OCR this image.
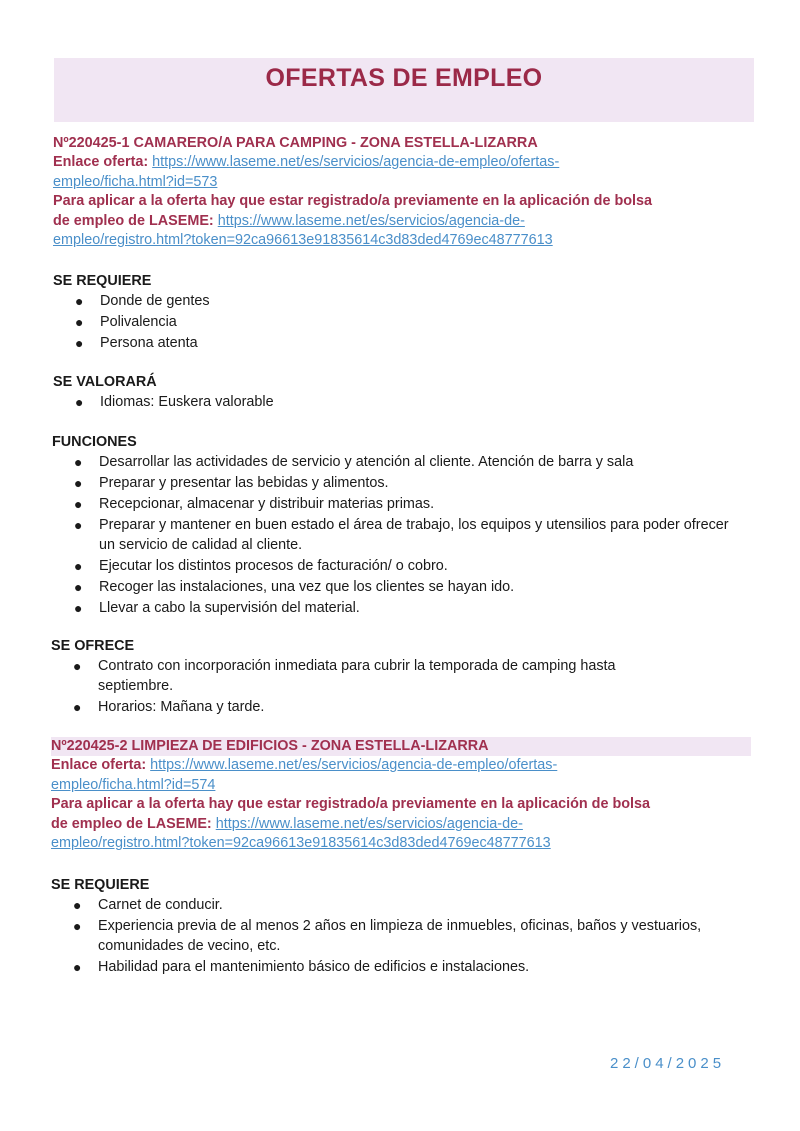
OFERTAS DE EMPLEO
Nº220425-1 CAMARERO/A PARA CAMPING - ZONA ESTELLA-LIZARRA
Enlace oferta: https://www.laseme.net/es/servicios/agencia-de-empleo/ofertas-
empleo/ficha.html?id=573
Para aplicar a la oferta hay que estar registrado/a previamente en la aplicación de bolsa
de empleo de LASEME: https://www.laseme.net/es/servicios/agencia-de-
empleo/registro.html?token=92ca96613e91835614c3d83ded4769ec48777613
SE REQUIERE
● Donde de gentes
● Polivalencia
● Persona atenta
SE VALORARÁ
● Idiomas: Euskera valorable
FUNCIONES
● Desarrollar las actividades de servicio y atención al cliente. Atención de barra y sala
● Preparar y presentar las bebidas y alimentos.
● Recepcionar, almacenar y distribuir materias primas.
● Preparar y mantener en buen estado el área de trabajo, los equipos y utensilios para poder ofrecer un servicio de calidad al cliente.
● Ejecutar los distintos procesos de facturación/ o cobro.
● Recoger las instalaciones, una vez que los clientes se hayan ido.
● Llevar a cabo la supervisión del material.
SE OFRECE
● Contrato con incorporación inmediata para cubrir la temporada de camping hasta septiembre.
● Horarios: Mañana y tarde.
Nº220425-2 LIMPIEZA DE EDIFICIOS - ZONA ESTELLA-LIZARRA
Enlace oferta: https://www.laseme.net/es/servicios/agencia-de-empleo/ofertas-
empleo/ficha.html?id=574
Para aplicar a la oferta hay que estar registrado/a previamente en la aplicación de bolsa
de empleo de LASEME: https://www.laseme.net/es/servicios/agencia-de-
empleo/registro.html?token=92ca96613e91835614c3d83ded4769ec48777613
SE REQUIERE
● Carnet de conducir.
● Experiencia previa de al menos 2 años en limpieza de inmuebles, oficinas, baños y vestuarios, comunidades de vecino, etc.
● Habilidad para el mantenimiento básico de edificios e instalaciones.
22/04/2025
